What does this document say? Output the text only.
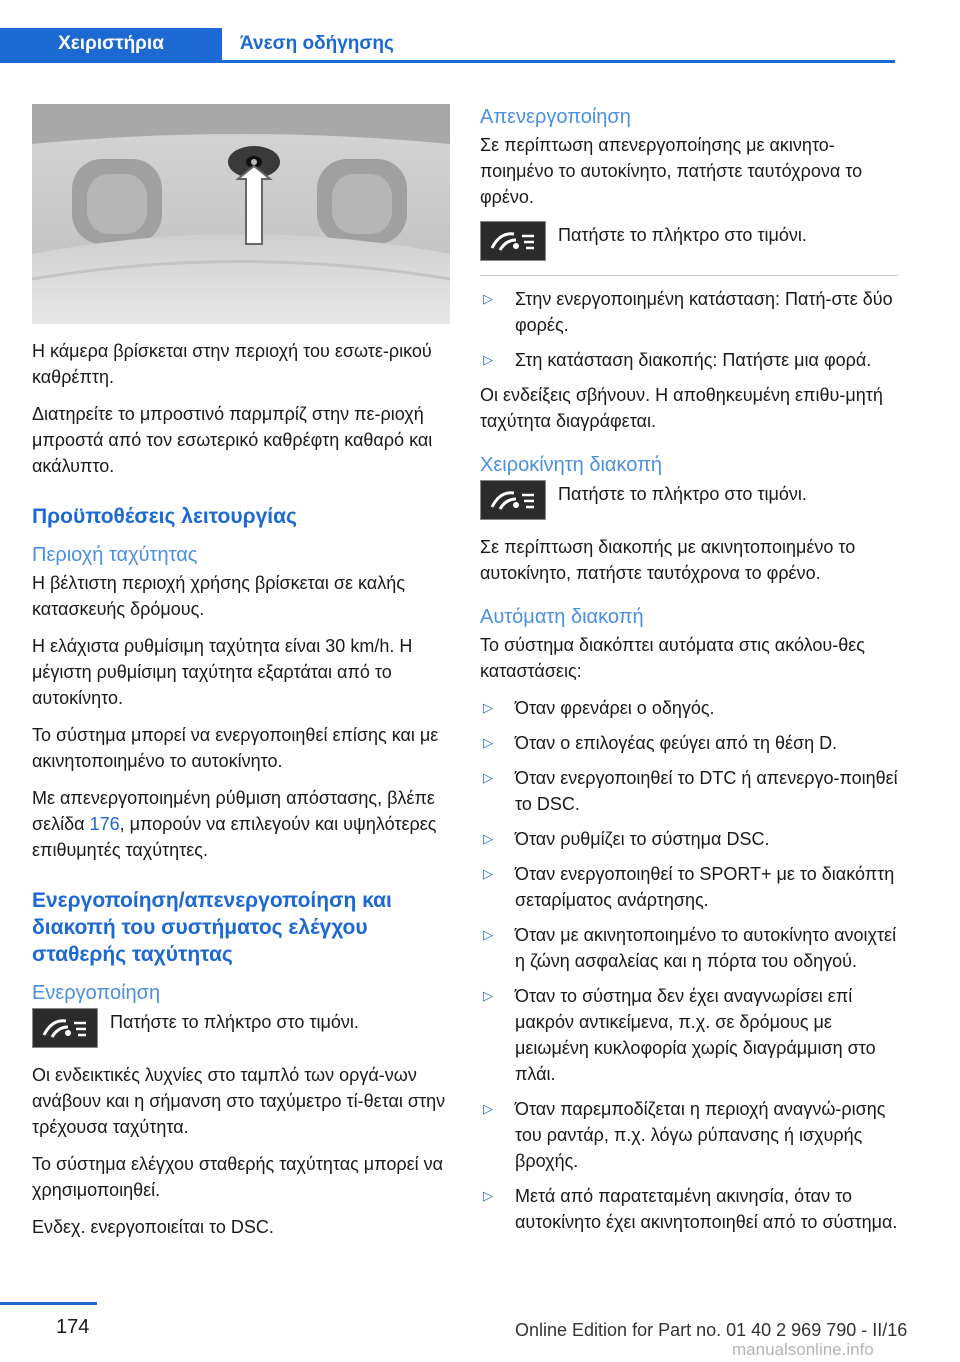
Χειριστήρια	Άνεση οδήγησης

Η κάμερα βρίσκεται στην περιοχή του εσωτε‐ρικού καθρέπτη.

Διατηρείτε το μπροστινό παρμπρίζ στην πε‐ριοχή μπροστά από τον εσωτερικό καθρέφτη καθαρό και ακάλυπτο.

Προϋποθέσεις λειτουργίας
Περιοχή ταχύτητας

Η βέλτιστη περιοχή χρήσης βρίσκεται σε καλής κατασκευής δρόμους.

Η ελάχιστα ρυθμίσιμη ταχύτητα είναι 30 km/h. Η μέγιστη ρυθμίσιμη ταχύτητα εξαρτάται από το αυτοκίνητο.

Το σύστημα μπορεί να ενεργοποιηθεί επίσης και με ακινητοποιημένο το αυτοκίνητο.

Με απενεργοποιημένη ρύθμιση απόστασης, βλέπε σελίδα 176, μπορούν να επιλεγούν και υψηλότερες επιθυμητές ταχύτητες.

Ενεργοποίηση/απενεργοποίηση και διακοπή του συστήματος ελέγχου σταθερής ταχύτητας
Ενεργοποίηση

Πατήστε το πλήκτρο στο τιμόνι.

Οι ενδεικτικές λυχνίες στο ταμπλό των οργά‐νων ανάβουν και η σήμανση στο ταχύμετρο τί‐θεται στην τρέχουσα ταχύτητα.

Το σύστημα ελέγχου σταθερής ταχύτητας μπορεί να χρησιμοποιηθεί.

Ενδεχ. ενεργοποιείται το DSC.

Απενεργοποίηση

Σε περίπτωση απενεργοποίησης με ακινητο‐ποιημένο το αυτοκίνητο, πατήστε ταυτόχρονα το φρένο.

Πατήστε το πλήκτρο στο τιμόνι.

▷	Στην ενεργοποιημένη κατάσταση: Πατή‐στε δύο φορές.

▷	Στη κατάσταση διακοπής: Πατήστε μια φορά.

Οι ενδείξεις σβήνουν. Η αποθηκευμένη επιθυ‐μητή ταχύτητα διαγράφεται.

Χειροκίνητη διακοπή

Πατήστε το πλήκτρο στο τιμόνι.

Σε περίπτωση διακοπής με ακινητοποιημένο το αυτοκίνητο, πατήστε ταυτόχρονα το φρένο.

Αυτόματη διακοπή

Το σύστημα διακόπτει αυτόματα στις ακόλου‐θες καταστάσεις:

▷	Όταν φρενάρει ο οδηγός.

▷	Όταν ο επιλογέας φεύγει από τη θέση D.

▷	Όταν ενεργοποιηθεί το DTC ή απενεργο‐ποιηθεί το DSC.

▷	Όταν ρυθμίζει το σύστημα DSC.

▷	Όταν ενεργοποιηθεί το SPORT+ με το διακόπτη σεταρίματος ανάρτησης.

▷	Όταν με ακινητοποιημένο το αυτοκίνητο ανοιχτεί η ζώνη ασφαλείας και η πόρτα του οδηγού.

▷	Όταν το σύστημα δεν έχει αναγνωρίσει επί μακρόν αντικείμενα, π.χ. σε δρόμους με μειωμένη κυκλοφορία χωρίς διαγράμμιση στο πλάι.

▷	Όταν παρεμποδίζεται η περιοχή αναγνώ‐ρισης του ραντάρ, π.χ. λόγω ρύπανσης ή ισχυρής βροχής.

▷	Μετά από παρατεταμένη ακινησία, όταν το αυτοκίνητο έχει ακινητοποιηθεί από το σύστημα.

174	Online Edition for Part no. 01 40 2 969 790 - II/16
manualsonline.info
